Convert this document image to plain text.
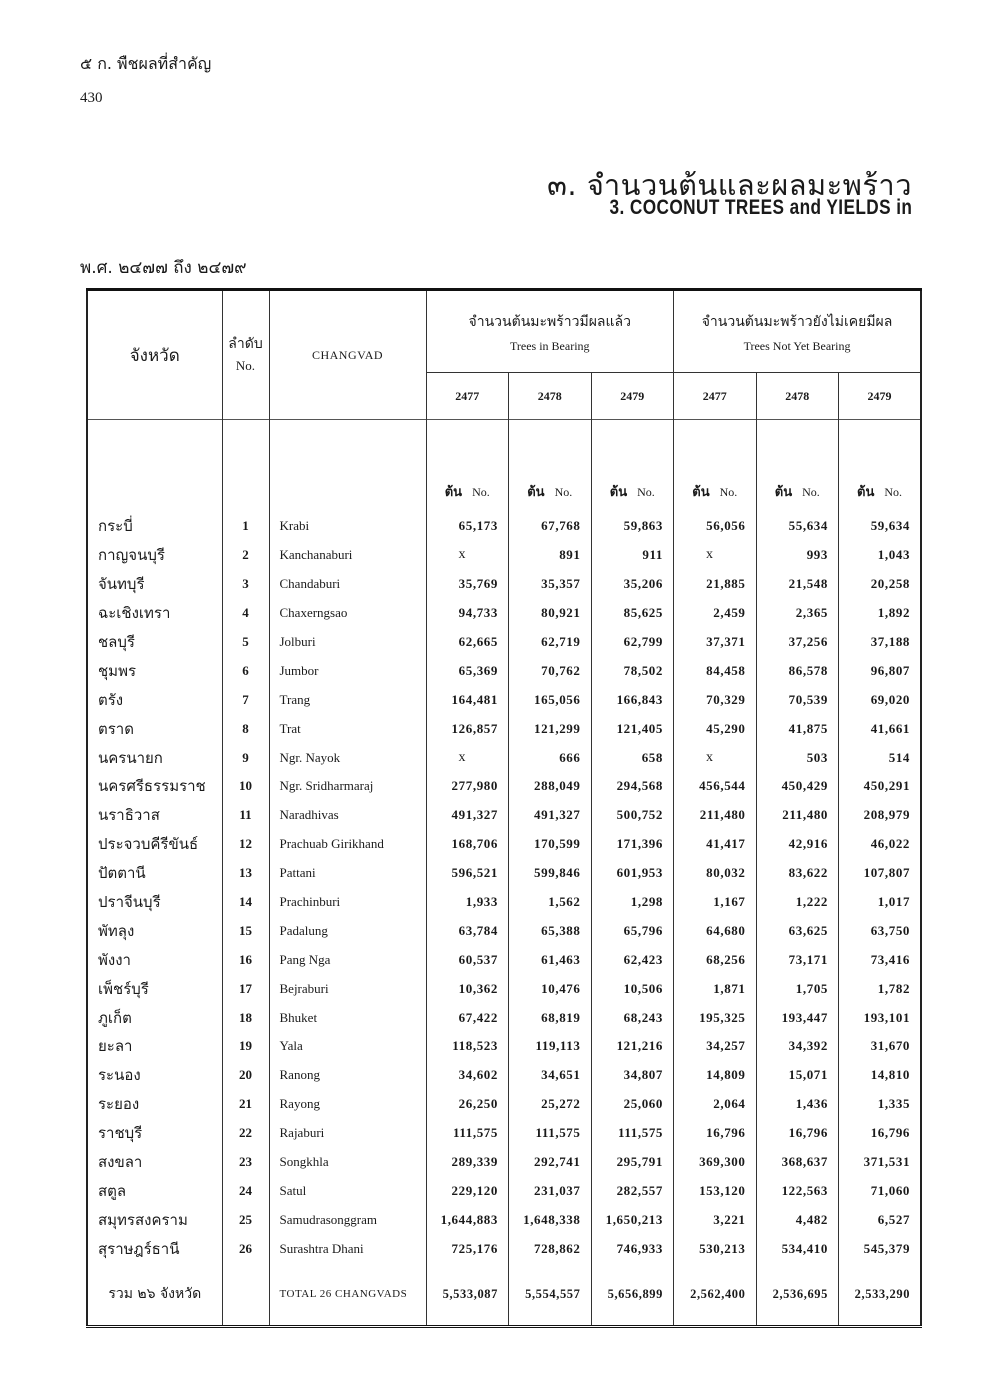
๕ ก. พืชผลที่สำคัญ
430
๓. จำนวนต้นและผลมะพร้าว
3. COCONUT TREES and YIELDS in
พ.ศ. ๒๔๗๗ ถึง ๒๔๗๙
จังหวัด	ลำดับ
No.	CHANGVAD	จำนวนต้นมะพร้าวมีผลแล้ว			จำนวนต้นมะพร้าวยังไม่เคยมีผล		
			Trees in Bearing			Trees Not Yet Bearing		
			2477	2478	2479	2477	2478	2479
			ต้น No.	ต้น No.	ต้น No.	ต้น No.	ต้น No.	ต้น No.
กระบี่	1	Krabi	65,173	67,768	59,863	56,056	55,634	59,634
กาญจนบุรี	2	Kanchanaburi	x	891	911	x	993	1,043
จันทบุรี	3	Chandaburi	35,769	35,357	35,206	21,885	21,548	20,258
ฉะเชิงเทรา	4	Chaxerngsao	94,733	80,921	85,625	2,459	2,365	1,892
ชลบุรี	5	Jolburi	62,665	62,719	62,799	37,371	37,256	37,188
ชุมพร	6	Jumbor	65,369	70,762	78,502	84,458	86,578	96,807
ตรัง	7	Trang	164,481	165,056	166,843	70,329	70,539	69,020
ตราด	8	Trat	126,857	121,299	121,405	45,290	41,875	41,661
นครนายก	9	Ngr. Nayok	x	666	658	x	503	514
นครศรีธรรมราช	10	Ngr. Sridharmaraj	277,980	288,049	294,568	456,544	450,429	450,291
นราธิวาส	11	Naradhivas	491,327	491,327	500,752	211,480	211,480	208,979
ประจวบคีรีขันธ์	12	Prachuab Girikhand	168,706	170,599	171,396	41,417	42,916	46,022
ปัตตานี	13	Pattani	596,521	599,846	601,953	80,032	83,622	107,807
ปราจีนบุรี	14	Prachinburi	1,933	1,562	1,298	1,167	1,222	1,017
พัทลุง	15	Padalung	63,784	65,388	65,796	64,680	63,625	63,750
พังงา	16	Pang Nga	60,537	61,463	62,423	68,256	73,171	73,416
เพ็ชร์บุรี	17	Bejraburi	10,362	10,476	10,506	1,871	1,705	1,782
ภูเก็ต	18	Bhuket	67,422	68,819	68,243	195,325	193,447	193,101
ยะลา	19	Yala	118,523	119,113	121,216	34,257	34,392	31,670
ระนอง	20	Ranong	34,602	34,651	34,807	14,809	15,071	14,810
ระยอง	21	Rayong	26,250	25,272	25,060	2,064	1,436	1,335
ราชบุรี	22	Rajaburi	111,575	111,575	111,575	16,796	16,796	16,796
สงขลา	23	Songkhla	289,339	292,741	295,791	369,300	368,637	371,531
สตูล	24	Satul	229,120	231,037	282,557	153,120	122,563	71,060
สมุทรสงคราม	25	Samudrasonggram	1,644,883	1,648,338	1,650,213	3,221	4,482	6,527
สุราษฎร์ธานี	26	Surashtra Dhani	725,176	728,862	746,933	530,213	534,410	545,379
รวม ๒๖ จังหวัด		TOTAL 26 CHANGVADS	5,533,087	5,554,557	5,656,899	2,562,400	2,536,695	2,533,290
